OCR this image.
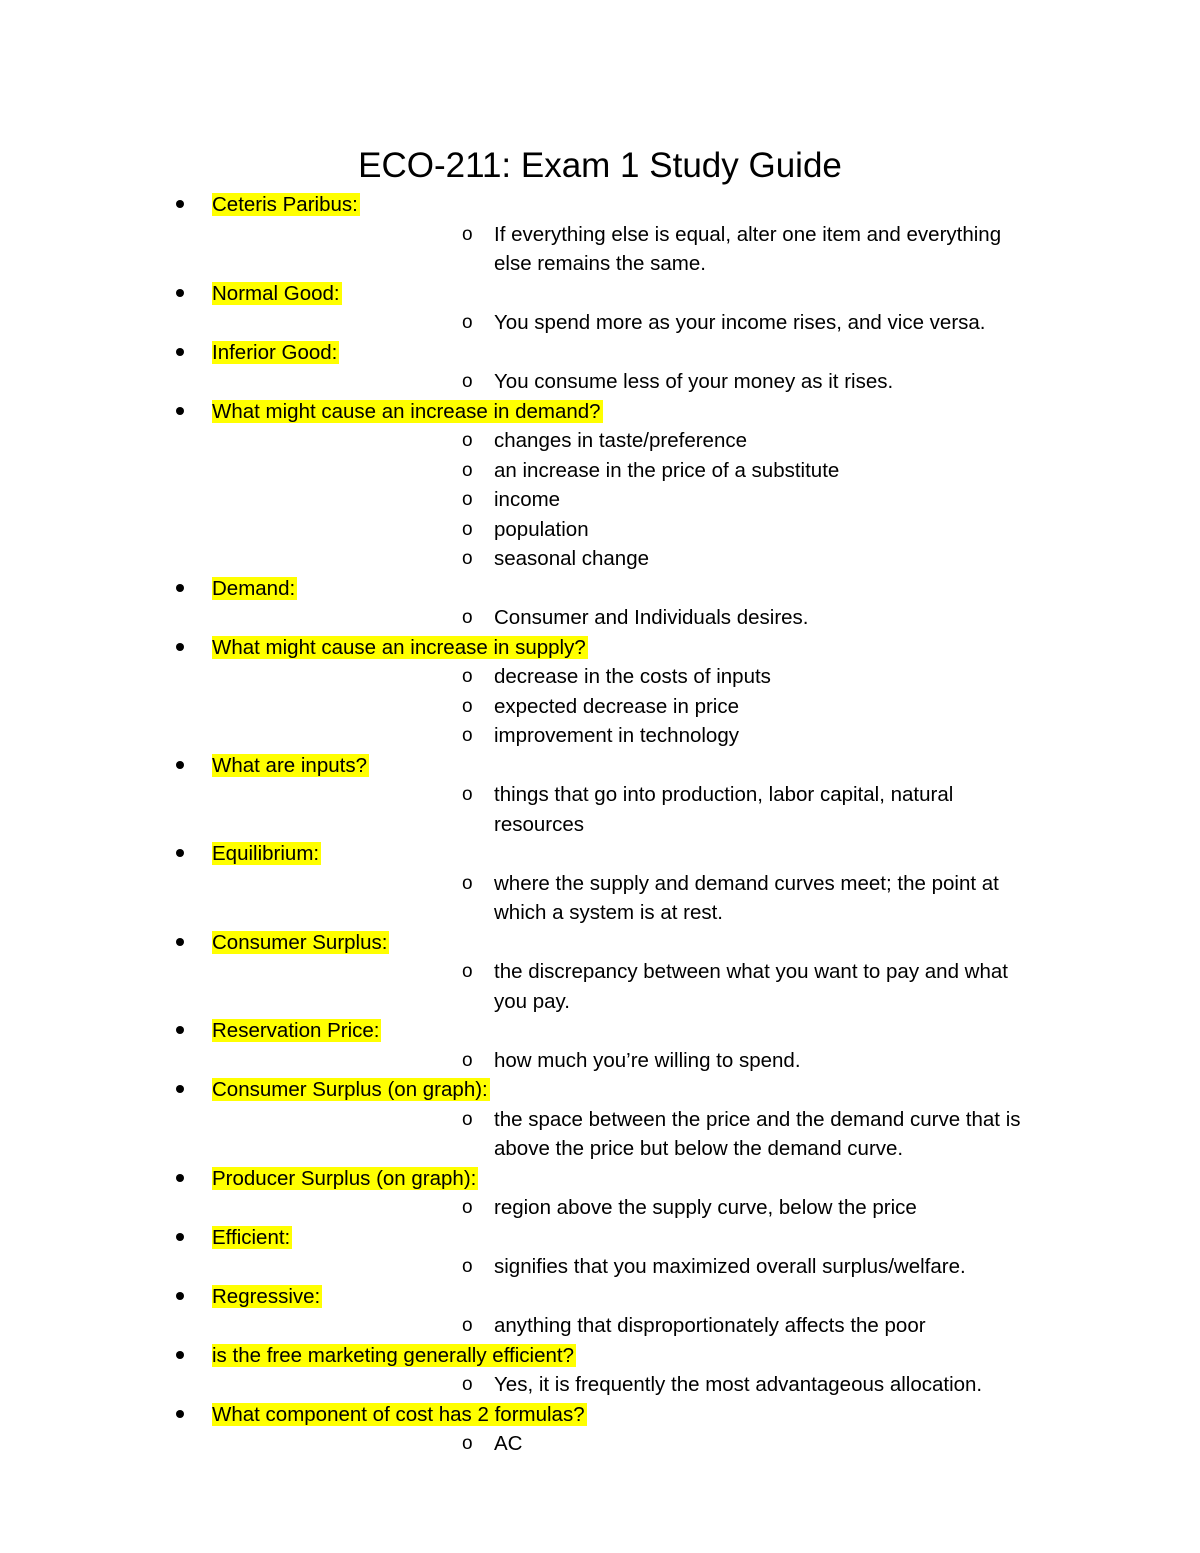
ECO-211: Exam 1 Study Guide
Ceteris Paribus:
o If everything else is equal, alter one item and everything else remains the same.
Normal Good:
o You spend more as your income rises, and vice versa.
Inferior Good:
o You consume less of your money as it rises.
What might cause an increase in demand?
o changes in taste/preference
o an increase in the price of a substitute
o income
o population
o seasonal change
Demand:
o Consumer and Individuals desires.
What might cause an increase in supply?
o decrease in the costs of inputs
o expected decrease in price
o improvement in technology
What are inputs?
o things that go into production, labor capital, natural resources
Equilibrium:
o where the supply and demand curves meet; the point at which a system is at rest.
Consumer Surplus:
o the discrepancy between what you want to pay and what you pay.
Reservation Price:
o how much you’re willing to spend.
Consumer Surplus (on graph):
o the space between the price and the demand curve that is above the price but below the demand curve.
Producer Surplus (on graph):
o region above the supply curve, below the price
Efficient:
o signifies that you maximized overall surplus/welfare.
Regressive:
o anything that disproportionately affects the poor
is the free marketing generally efficient?
o Yes, it is frequently the most advantageous allocation.
What component of cost has 2 formulas?
o AC
